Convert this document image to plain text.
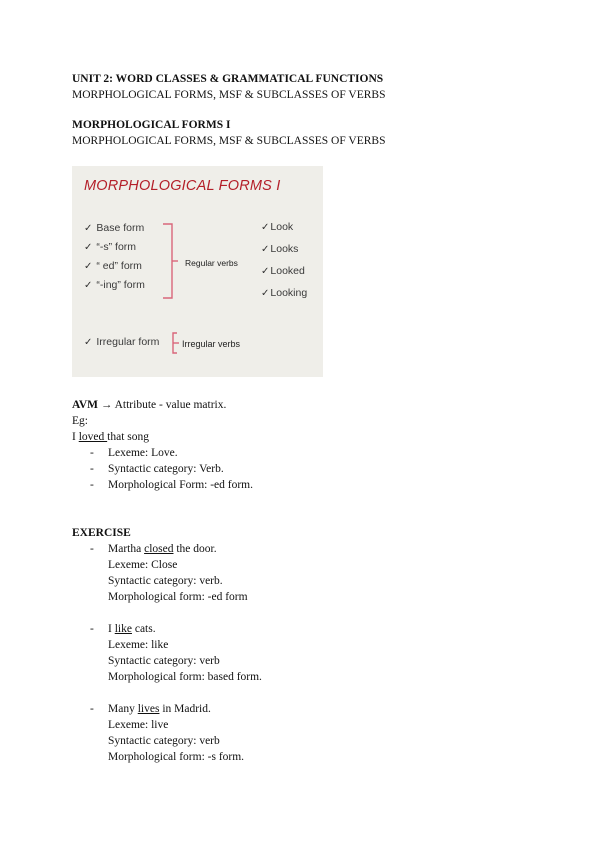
UNIT 2: WORD CLASSES & GRAMMATICAL FUNCTIONS
MORPHOLOGICAL FORMS, MSF & SUBCLASSES OF VERBS
MORPHOLOGICAL FORMS I
MORPHOLOGICAL FORMS, MSF & SUBCLASSES OF VERBS
MORPHOLOGICAL FORMS I
✓ Base form
✓ “-s” form
✓ “ ed” form
✓ “-ing” form
Regular verbs
✓Look
✓Looks
✓Looked
✓Looking
✓ Irregular form	Irregular verbs
AVM → Attribute - value matrix.
Eg:
I loved that song
- Lexeme: Love.
- Syntactic category: Verb.
- Morphological Form: -ed form.
EXERCISE
- Martha closed the door.
Lexeme: Close
Syntactic category: verb.
Morphological form: -ed form
- I like cats.
Lexeme: like
Syntactic category: verb
Morphological form: based form.
- Many lives in Madrid.
Lexeme: live
Syntactic category: verb
Morphological form: -s form.
